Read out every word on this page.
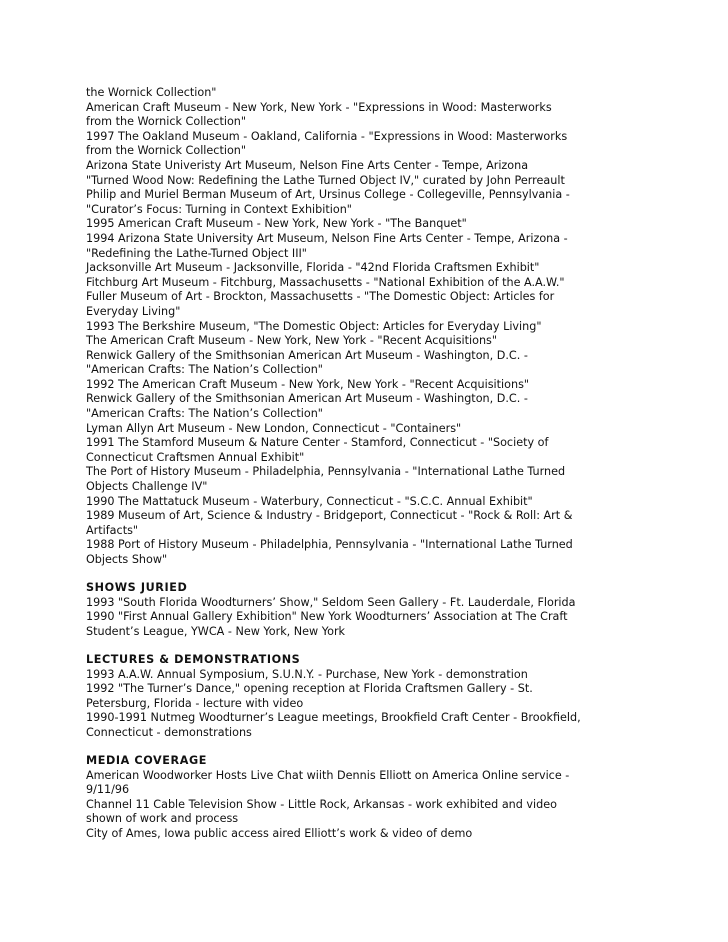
the Wornick Collection"
American Craft Museum - New York, New York - "Expressions in Wood: Masterworks
from the Wornick Collection"
1997 The Oakland Museum - Oakland, California - "Expressions in Wood: Masterworks
from the Wornick Collection"
Arizona State Univeristy Art Museum, Nelson Fine Arts Center - Tempe, Arizona
"Turned Wood Now: Redefining the Lathe Turned Object IV," curated by John Perreault
Philip and Muriel Berman Museum of Art, Ursinus College - Collegeville, Pennsylvania -
"Curator’s Focus: Turning in Context Exhibition"
1995 American Craft Museum - New York, New York - "The Banquet"
1994 Arizona State University Art Museum, Nelson Fine Arts Center - Tempe, Arizona -
"Redefining the Lathe-Turned Object III"
Jacksonville Art Museum - Jacksonville, Florida - "42nd Florida Craftsmen Exhibit"
Fitchburg Art Museum - Fitchburg, Massachusetts - "National Exhibition of the A.A.W."
Fuller Museum of Art - Brockton, Massachusetts - "The Domestic Object: Articles for
Everyday Living"
1993 The Berkshire Museum, "The Domestic Object: Articles for Everyday Living"
The American Craft Museum - New York, New York - "Recent Acquisitions"
Renwick Gallery of the Smithsonian American Art Museum - Washington, D.C. -
"American Crafts: The Nation’s Collection"
1992 The American Craft Museum - New York, New York - "Recent Acquisitions"
Renwick Gallery of the Smithsonian American Art Museum - Washington, D.C. -
"American Crafts: The Nation’s Collection"
Lyman Allyn Art Museum - New London, Connecticut - "Containers"
1991 The Stamford Museum & Nature Center - Stamford, Connecticut - "Society of
Connecticut Craftsmen Annual Exhibit"
The Port of History Museum - Philadelphia, Pennsylvania - "International Lathe Turned
Objects Challenge IV"
1990 The Mattatuck Museum - Waterbury, Connecticut - "S.C.C. Annual Exhibit"
1989 Museum of Art, Science & Industry - Bridgeport, Connecticut - "Rock & Roll: Art &
Artifacts"
1988 Port of History Museum - Philadelphia, Pennsylvania - "International Lathe Turned
Objects Show"
SHOWS JURIED
1993 "South Florida Woodturners’ Show," Seldom Seen Gallery - Ft. Lauderdale, Florida
1990 "First Annual Gallery Exhibition" New York Woodturners’ Association at The Craft
Student’s League, YWCA - New York, New York
LECTURES & DEMONSTRATIONS
1993 A.A.W. Annual Symposium, S.U.N.Y. - Purchase, New York - demonstration
1992 "The Turner’s Dance," opening reception at Florida Craftsmen Gallery - St.
Petersburg, Florida - lecture with video
1990-1991 Nutmeg Woodturner’s League meetings, Brookfield Craft Center - Brookfield,
Connecticut - demonstrations
MEDIA COVERAGE
American Woodworker Hosts Live Chat wiith Dennis Elliott on America Online service -
9/11/96
Channel 11 Cable Television Show - Little Rock, Arkansas - work exhibited and video
shown of work and process
City of Ames, Iowa public access aired Elliott’s work & video of demo
